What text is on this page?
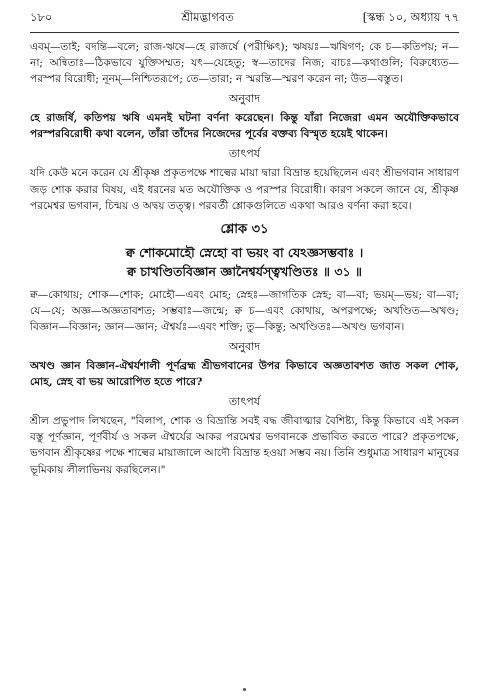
১৮০	শ্রীমদ্ভাগবত	[স্কন্ধ ১০, অধ্যায় ৭৭

এবম্—তাই; বদন্তি—বলে; রাজ-ঋষে—হে রাজর্ষে (পরীক্ষিৎ); ঋষয়ঃ—ঋষিগণ; কে চ—কতিপয়; ন—না; অন্বিতাঃ—ঠিকভাবে যুক্তিসম্মত; যৎ—যেহেতু; স্ব—তাদের নিজ; বাচঃ—কথাগুলি; বিরুধ্যেত—পরস্পর বিরোধী; নূনম্—নিশ্চিতরূপে; তে—তারা; ন স্মরন্তি—স্মরণ করেন না; উত—বস্তুত।

অনুবাদ

হে রাজর্ষি, কতিপয় ঋষি এমনই ঘটনা বর্ণনা করেছেন। কিন্তু যাঁরা নিজেরা এমন অযৌক্তিকভাবে পরস্পরবিরোধী কথা বলেন, তাঁরা তাঁদের নিজেদের পূর্বের বক্তব্য বিস্মৃত হয়েই থাকেন।

তাৎপর্য

যদি কেউ মনে করেন যে শ্রীকৃষ্ণ প্রকৃতপক্ষে শাল্বের মায়া দ্বারা বিভ্রান্ত হয়েছিলেন এবং শ্রীভগবান সাধারণ জড় শোক করার বিষয়, এই ধরনের মত অযৌক্তিক ও পরস্পর বিরোধী। কারণ সকলে জানে যে, শ্রীকৃষ্ণ পরমেশ্বর ভগবান, চিন্ময় ও অদ্বয় তত্ত্ব। পরবর্তী শ্লোকগুলিতে একথা আরও বর্ণনা করা হবে।

শ্লোক ৩১

ক্ব শোকমোহৌ স্নেহো বা ভয়ং বা যেঽজ্ঞসম্ভবাঃ ।

ক্ব চাখণ্ডিতবিজ্ঞান জ্ঞানৈশ্বর্যস্ত্বখণ্ডিতঃ ॥ ৩১ ॥

ক্ব—কোথায়; শোক—শোক; মোহৌ—এবং মোহ; স্নেহঃ—জাগতিক স্নেহ; বা—বা; ভয়ম্—ভয়; বা—বা; যে—যে; অজ্ঞ—অজ্ঞতাবশত; সম্ভবাঃ—জন্মে; ক্ব চ—এবং কোথায়, অপরপক্ষে; অখণ্ডিত—অখণ্ড; বিজ্ঞান—বিজ্ঞান; জ্ঞান—জ্ঞান; ঐশ্বর্যঃ—এবং শক্তি; তু—কিন্তু; অখণ্ডিতঃ—অখণ্ড ভগবান।

অনুবাদ

অখণ্ড জ্ঞান বিজ্ঞান-ঐশ্বর্যশালী পূর্ণব্রহ্ম শ্রীভগবানের উপর কিভাবে অজ্ঞতাবশত জাত সকল শোক, মোহ, স্নেহ বা ভয় আরোপিত হতে পারে?

তাৎপর্য

শ্রীল প্রভুপাদ লিখছেন, "বিলাপ, শোক ও বিভ্রান্তি সবই বদ্ধ জীবাত্মার বৈশিষ্ট্য, কিন্তু কিভাবে এই সকল বস্তু পূর্ণজ্ঞান, পূর্ণবীর্য ও সকল ঐশ্বর্যের আকর পরমেশ্বর ভগবানকে প্রভাবিত করতে পারে? প্রকৃতপক্ষে, ভগবান শ্রীকৃষ্ণের পক্ষে শাল্বের মায়াজালে আদৌ বিভ্রান্ত হওয়া সম্ভব নয়। তিনি শুধুমাত্র সাধারণ মানুষের ভূমিকায় লীলাভিনয় করছিলেন।"
